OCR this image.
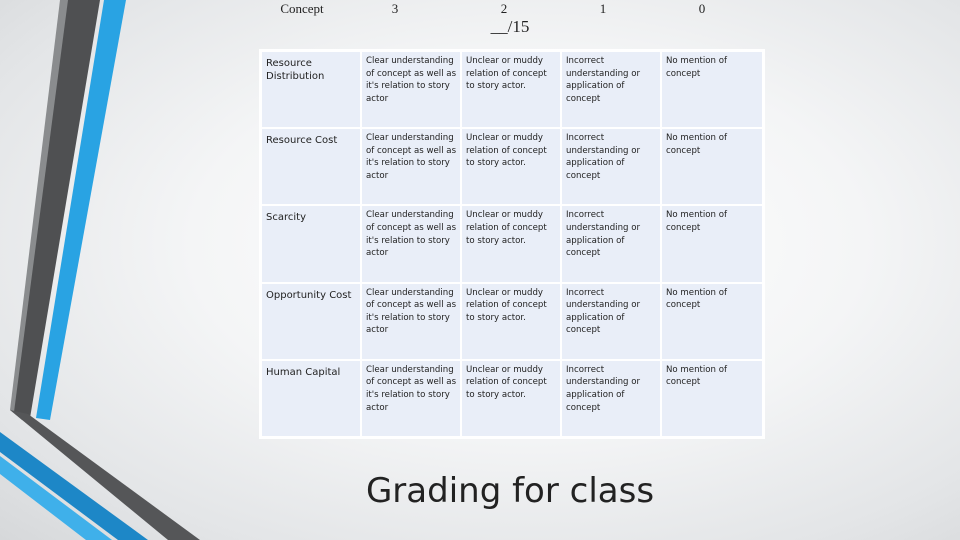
Concept	3	2	1	0
__/15
Resource Distribution	Clear understanding of concept as well as it's relation to story actor	Unclear or muddy relation of concept to story actor.	Incorrect understanding or application of concept	No mention of concept
Resource Cost	Clear understanding of concept as well as it's relation to story actor	Unclear or muddy relation of concept to story actor.	Incorrect understanding or application of concept	No mention of concept
Scarcity	Clear understanding of concept as well as it's relation to story actor	Unclear or muddy relation of concept to story actor.	Incorrect understanding or application of concept	No mention of concept
Opportunity Cost	Clear understanding of concept as well as it's relation to story actor	Unclear or muddy relation of concept to story actor.	Incorrect understanding or application of concept	No mention of concept
Human Capital	Clear understanding of concept as well as it's relation to story actor	Unclear or muddy relation of concept to story actor.	Incorrect understanding or application of concept	No mention of concept
Grading for class
